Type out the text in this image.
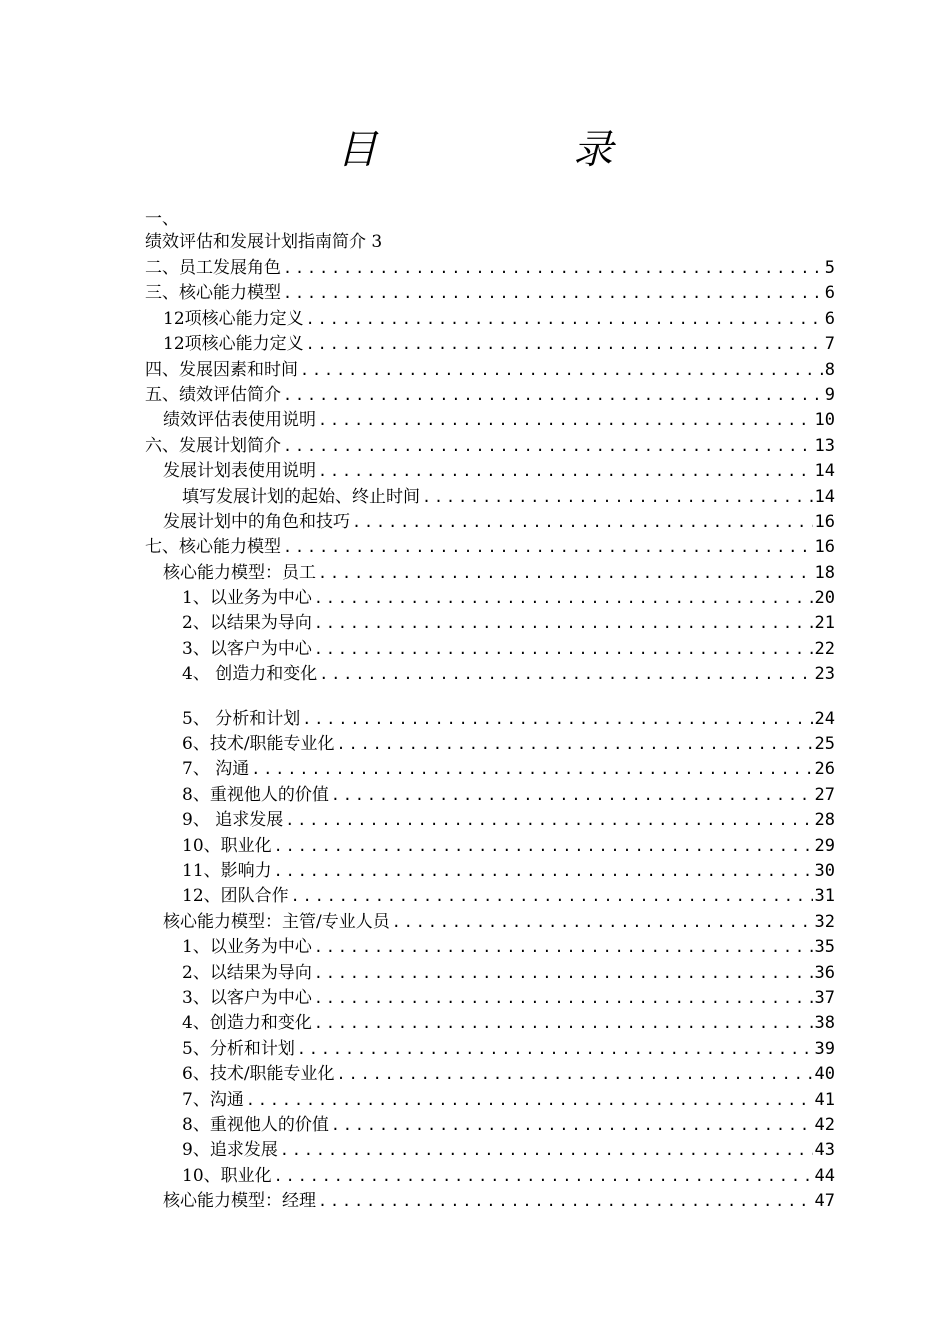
目　录
一、
绩效评估和发展计划指南简介 3
二、员工发展角色 .....	5
三、核心能力模型 .....	6
12项核心能力定义 .....	6
12项核心能力定义 .....	7
四、发展因素和时间 .....	8
五、绩效评估简介 .....	9
绩效评估表使用说明 .....	10
六、发展计划简介 .....	13
发展计划表使用说明 .....	14
填写发展计划的起始、终止时间 .....	14
发展计划中的角色和技巧 .....	16
七、核心能力模型 .....	16
核心能力模型：员工 .....	18
1、以业务为中心 .....	20
2、以结果为导向 .....	21
3、以客户为中心 .....	22
4、 创造力和变化 .....	23
5、 分析和计划 .....	24
6、技术/职能专业化 .....	25
7、 沟通 .....	26
8、重视他人的价值 .....	27
9、 追求发展 .....	28
10、职业化 .....	29
11、影响力 .....	30
12、团队合作 .....	31
核心能力模型：主管/专业人员 .....	32
1、以业务为中心 .....	35
2、以结果为导向 .....	36
3、以客户为中心 .....	37
4、创造力和变化 .....	38
5、分析和计划 .....	39
6、技术/职能专业化 .....	40
7、沟通 .....	41
8、重视他人的价值 .....	42
9、追求发展 .....	43
10、职业化 .....	44
核心能力模型：经理 .....	47
